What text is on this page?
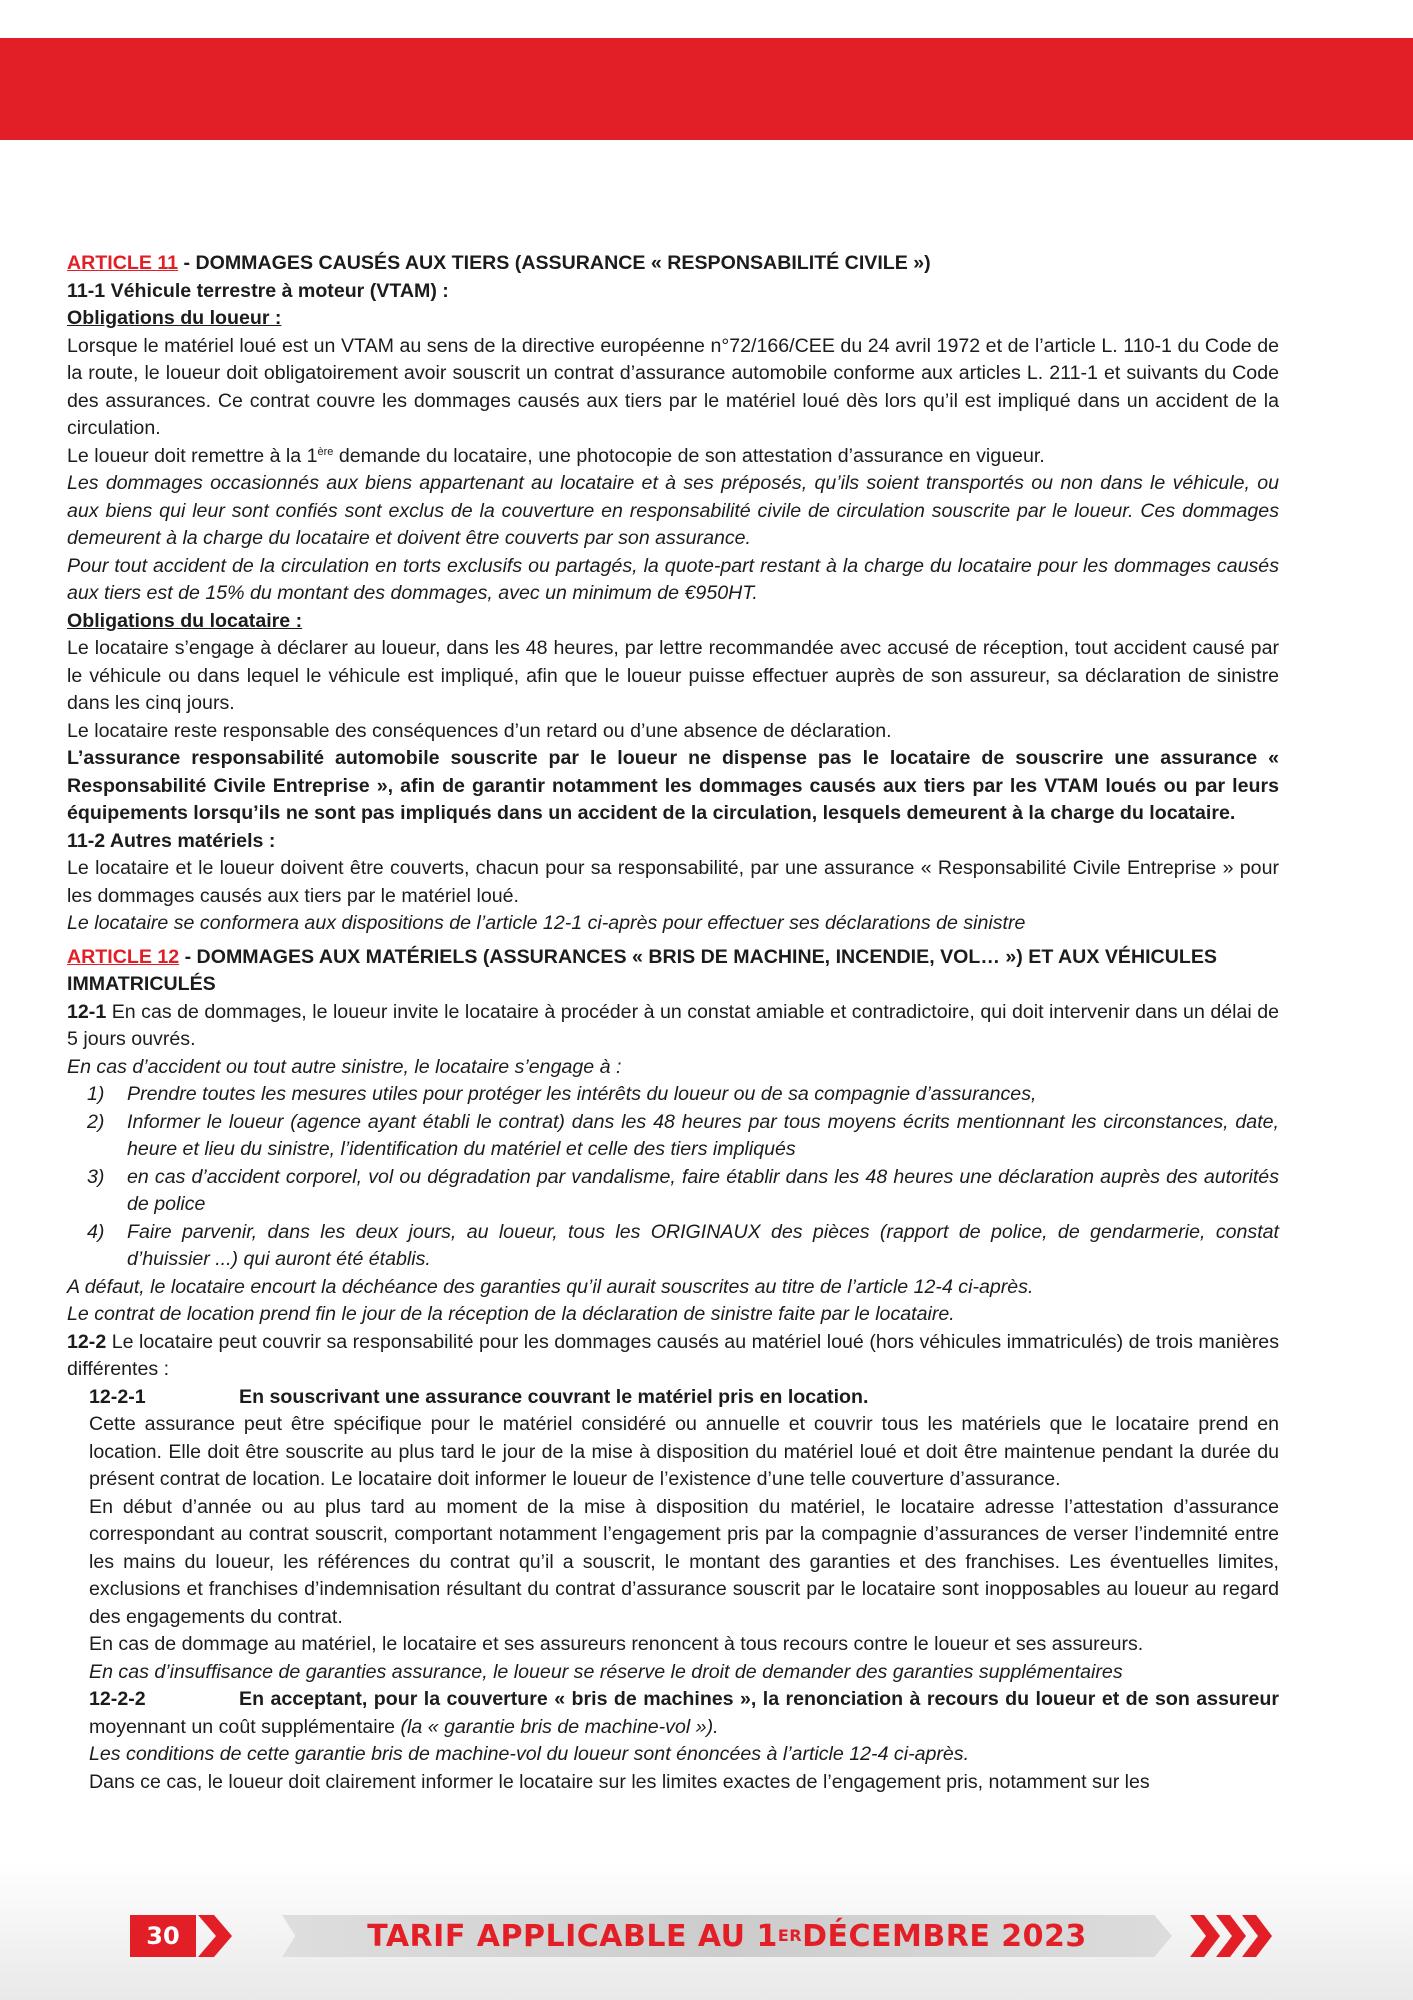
ARTICLE 11 - DOMMAGES CAUSÉS AUX TIERS (ASSURANCE « RESPONSABILITÉ CIVILE »)

11-1 Véhicule terrestre à moteur (VTAM) :

Obligations du loueur :

Lorsque le matériel loué est un VTAM au sens de la directive européenne n°72/166/CEE du 24 avril 1972 et de l’article L. 110-1 du Code de la route, le loueur doit obligatoirement avoir souscrit un contrat d’assurance automobile conforme aux articles L. 211-1 et suivants du Code des assurances. Ce contrat couvre les dommages causés aux tiers par le matériel loué dès lors qu’il est impliqué dans un accident de la circulation.

Le loueur doit remettre à la 1ère demande du locataire, une photocopie de son attestation d’assurance en vigueur.

Les dommages occasionnés aux biens appartenant au locataire et à ses préposés, qu’ils soient transportés ou non dans le véhicule, ou aux biens qui leur sont confiés sont exclus de la couverture en responsabilité civile de circulation souscrite par le loueur. Ces dommages demeurent à la charge du locataire et doivent être couverts par son assurance.

Pour tout accident de la circulation en torts exclusifs ou partagés, la quote-part restant à la charge du locataire pour les dommages causés aux tiers est de 15% du montant des dommages, avec un minimum de €950HT.

Obligations du locataire :

Le locataire s’engage à déclarer au loueur, dans les 48 heures, par lettre recommandée avec accusé de réception, tout accident causé par le véhicule ou dans lequel le véhicule est impliqué, afin que le loueur puisse effectuer auprès de son assureur, sa déclaration de sinistre dans les cinq jours.

Le locataire reste responsable des conséquences d’un retard ou d’une absence de déclaration.

L’assurance responsabilité automobile souscrite par le loueur ne dispense pas le locataire de souscrire une assurance « Responsabilité Civile Entreprise », afin de garantir notamment les dommages causés aux tiers par les VTAM loués ou par leurs équipements lorsqu’ils ne sont pas impliqués dans un accident de la circulation, lesquels demeurent à la charge du locataire.

11-2 Autres matériels :

Le locataire et le loueur doivent être couverts, chacun pour sa responsabilité, par une assurance « Responsabilité Civile Entreprise » pour les dommages causés aux tiers par le matériel loué.

Le locataire se conformera aux dispositions de l’article 12-1 ci-après pour effectuer ses déclarations de sinistre

ARTICLE 12 - DOMMAGES AUX MATÉRIELS (ASSURANCES « BRIS DE MACHINE, INCENDIE, VOL… ») ET AUX VÉHICULES IMMATRICULÉS

12-1 En cas de dommages, le loueur invite le locataire à procéder à un constat amiable et contradictoire, qui doit intervenir dans un délai de 5 jours ouvrés.

En cas d’accident ou tout autre sinistre, le locataire s’engage à :

1) Prendre toutes les mesures utiles pour protéger les intérêts du loueur ou de sa compagnie d’assurances,
2) Informer le loueur (agence ayant établi le contrat) dans les 48 heures par tous moyens écrits mentionnant les circonstances, date, heure et lieu du sinistre, l’identification du matériel et celle des tiers impliqués
3) en cas d’accident corporel, vol ou dégradation par vandalisme, faire établir dans les 48 heures une déclaration auprès des autorités de police
4) Faire parvenir, dans les deux jours, au loueur, tous les ORIGINAUX des pièces (rapport de police, de gendarmerie, constat d’huissier ...) qui auront été établis.

A défaut, le locataire encourt la déchéance des garanties qu’il aurait souscrites au titre de l’article 12-4 ci-après.

Le contrat de location prend fin le jour de la réception de la déclaration de sinistre faite par le locataire.

12-2 Le locataire peut couvrir sa responsabilité pour les dommages causés au matériel loué (hors véhicules immatriculés) de trois manières différentes :

12-2-1	En souscrivant une assurance couvrant le matériel pris en location.

Cette assurance peut être spécifique pour le matériel considéré ou annuelle et couvrir tous les matériels que le locataire prend en location. Elle doit être souscrite au plus tard le jour de la mise à disposition du matériel loué et doit être maintenue pendant la durée du présent contrat de location. Le locataire doit informer le loueur de l’existence d’une telle couverture d’assurance.

En début d’année ou au plus tard au moment de la mise à disposition du matériel, le locataire adresse l’attestation d’assurance correspondant au contrat souscrit, comportant notamment l’engagement pris par la compagnie d’assurances de verser l’indemnité entre les mains du loueur, les références du contrat qu’il a souscrit, le montant des garanties et des franchises. Les éventuelles limites, exclusions et franchises d’indemnisation résultant du contrat d’assurance souscrit par le locataire sont inopposables au loueur au regard des engagements du contrat.

En cas de dommage au matériel, le locataire et ses assureurs renoncent à tous recours contre le loueur et ses assureurs.

En cas d’insuffisance de garanties assurance, le loueur se réserve le droit de demander des garanties supplémentaires

12-2-2	En acceptant, pour la couverture « bris de machines », la renonciation à recours du loueur et de son assureur moyennant un coût supplémentaire (la « garantie bris de machine-vol »).

Les conditions de cette garantie bris de machine-vol du loueur sont énoncées à l’article 12-4 ci-après.

Dans ce cas, le loueur doit clairement informer le locataire sur les limites exactes de l’engagement pris, notamment sur les

30	TARIF APPLICABLE AU 1 ER DÉCEMBRE 2023
